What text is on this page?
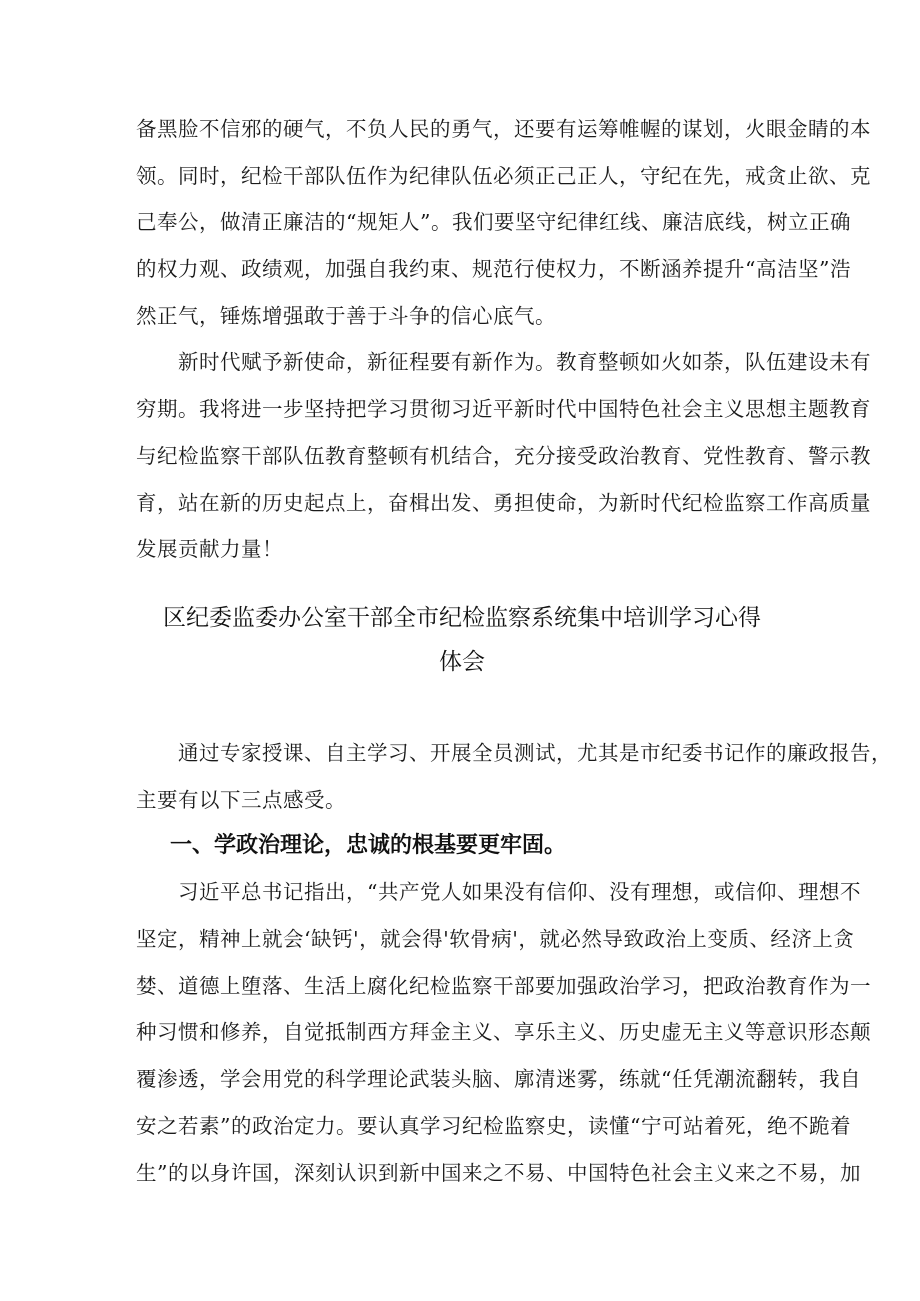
备黑脸不信邪的硬气，不负人民的勇气，还要有运筹帷幄的谋划，火眼金睛的本
领。同时，纪检干部队伍作为纪律队伍必须正己正人，守纪在先，戒贪止欲、克
己奉公，做清正廉洁的“规矩人”。我们要坚守纪律红线、廉洁底线，树立正确
的权力观、政绩观，加强自我约束、规范行使权力，不断涵养提升“高洁坚”浩
然正气，锤炼增强敢于善于斗争的信心底气。
新时代赋予新使命，新征程要有新作为。教育整顿如火如荼，队伍建设未有
穷期。我将进一步坚持把学习贯彻习近平新时代中国特色社会主义思想主题教育
与纪检监察干部队伍教育整顿有机结合，充分接受政治教育、党性教育、警示教
育，站在新的历史起点上，奋楫出发、勇担使命，为新时代纪检监察工作高质量
发展贡献力量！
区纪委监委办公室干部全市纪检监察系统集中培训学习心得
体会
通过专家授课、自主学习、开展全员测试，尤其是市纪委书记作的廉政报告，
主要有以下三点感受。
一、学政治理论，忠诚的根基要更牢固。
习近平总书记指出，“共产党人如果没有信仰、没有理想，或信仰、理想不
坚定，精神上就会‘缺钙'，就会得'软骨病'，就必然导致政治上变质、经济上贪
婪、道德上堕落、生活上腐化纪检监察干部要加强政治学习，把政治教育作为一
种习惯和修养，自觉抵制西方拜金主义、享乐主义、历史虚无主义等意识形态颠
覆渗透，学会用党的科学理论武装头脑、廓清迷雾，练就“任凭潮流翻转，我自
安之若素”的政治定力。要认真学习纪检监察史，读懂“宁可站着死，绝不跪着
生”的以身许国，深刻认识到新中国来之不易、中国特色社会主义来之不易，加
